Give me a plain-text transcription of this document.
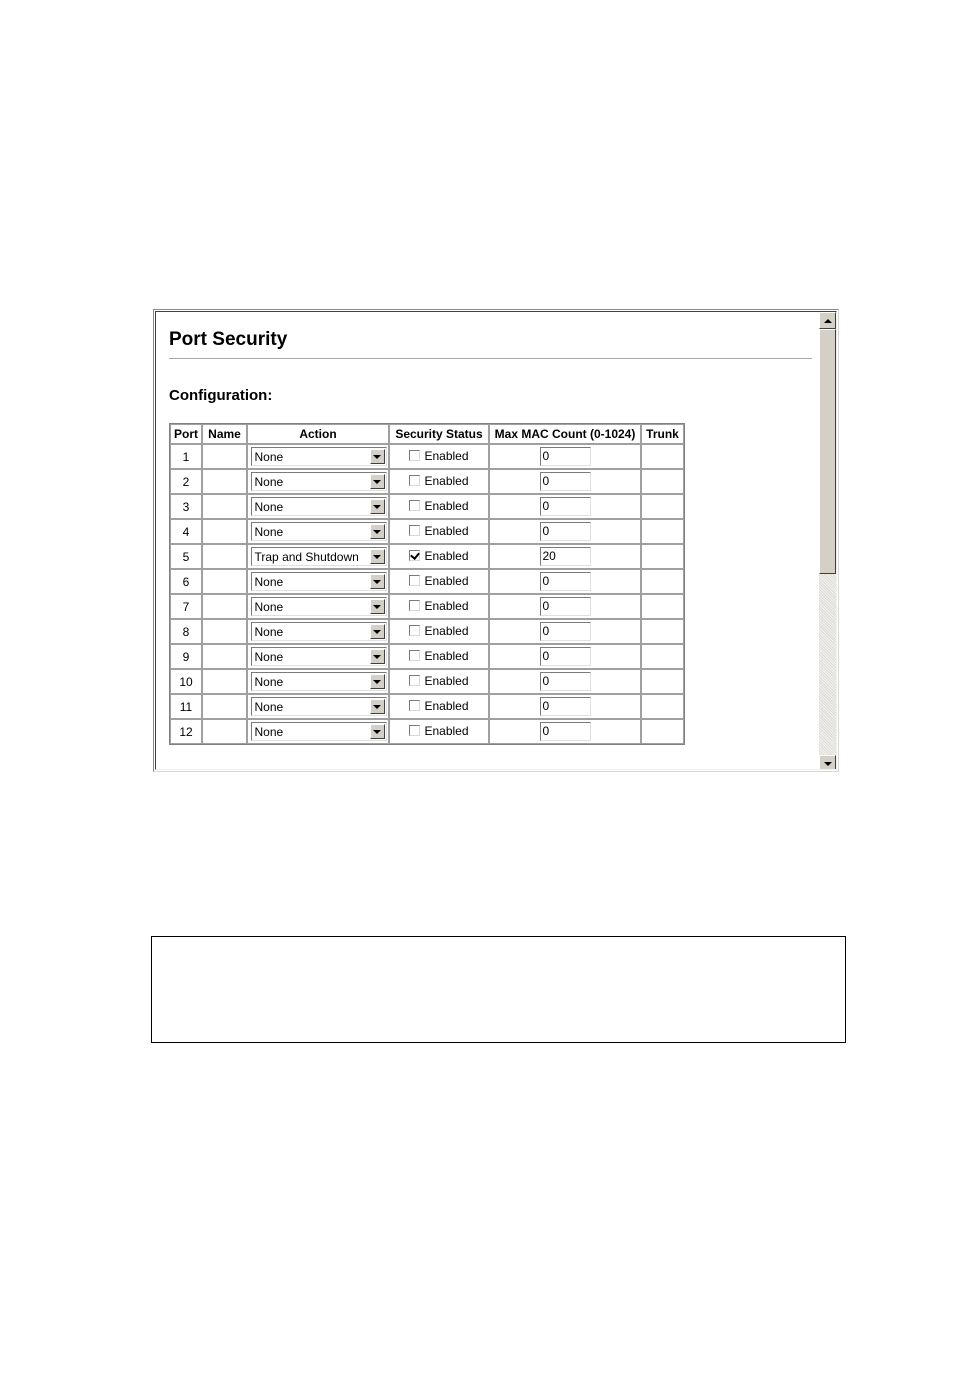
Port Security
Configuration:
Port	Name	Action	Security Status	Max MAC Count (0-1024)	Trunk
1		None	Enabled	0	
2		None	Enabled	0	
3		None	Enabled	0	
4		None	Enabled	0	
5		Trap and Shutdown	Enabled	20	
6		None	Enabled	0	
7		None	Enabled	0	
8		None	Enabled	0	
9		None	Enabled	0	
10		None	Enabled	0	
11		None	Enabled	0	
12		None	Enabled	0	
